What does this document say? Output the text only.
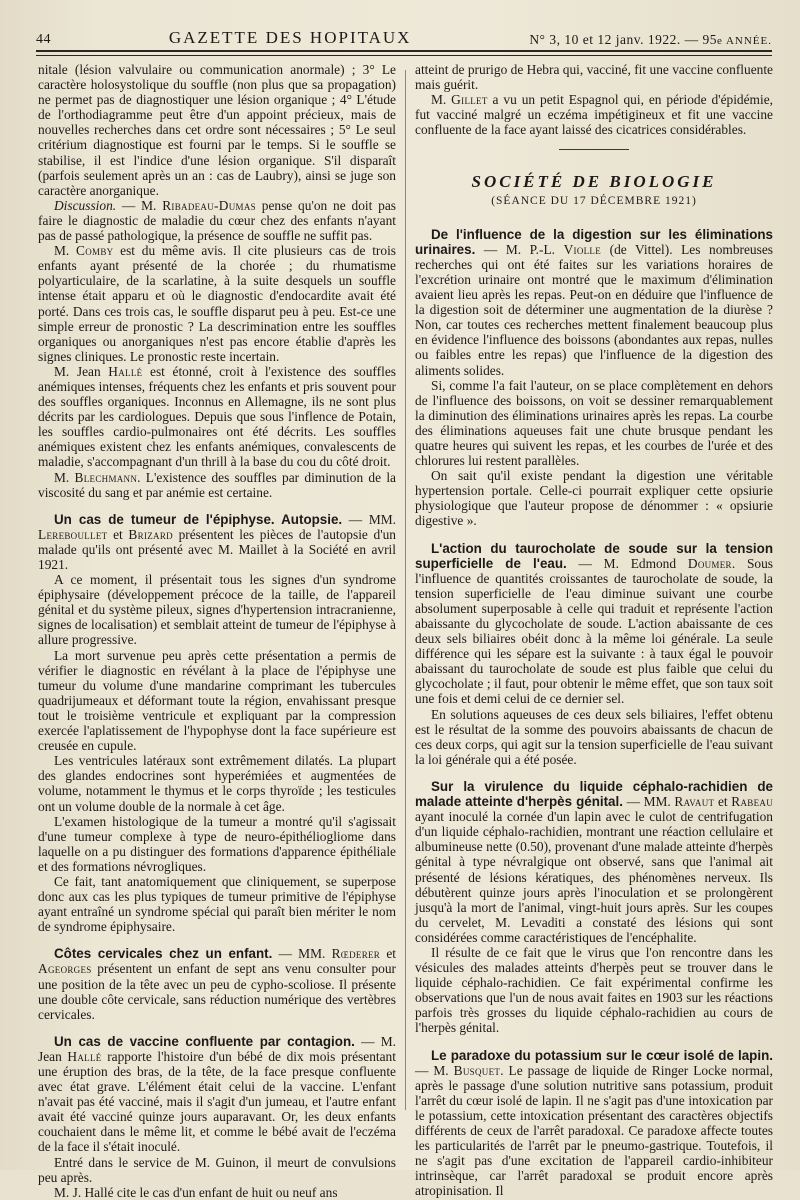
44	GAZETTE DES HOPITAUX	N° 3, 10 et 12 janv. 1922. — 95e ANNÉE.

nitale (lésion valvulaire ou communication anormale) ; 3° Le caractère holosystolique du souffle (non plus que sa propagation) ne permet pas de diagnostiquer une lésion organique ; 4° L'étude de l'orthodiagramme peut être d'un appoint précieux, mais de nouvelles recherches dans cet ordre sont nécessaires ; 5° Le seul critérium diagnostique est fourni par le temps. Si le souffle se stabilise, il est l'indice d'une lésion organique. S'il disparaît (parfois seulement après un an : cas de Laubry), ainsi se juge son caractère anorganique.

Discussion. — M. Ribadeau-Dumas pense qu'on ne doit pas faire le diagnostic de maladie du cœur chez des enfants n'ayant pas de passé pathologique, la présence de souffle ne suffit pas.

M. Comby est du même avis. Il cite plusieurs cas de trois enfants ayant présenté de la chorée ; du rhumatisme polyarticulaire, de la scarlatine, à la suite desquels un souffle intense était apparu et où le diagnostic d'endocardite avait été porté. Dans ces trois cas, le souffle disparut peu à peu. Est-ce une simple erreur de pronostic ? La descrimination entre les souffles organiques ou anorganiques n'est pas encore établie d'après les signes cliniques. Le pronostic reste incertain.

M. Jean Hallé est étonné, croit à l'existence des souffles anémiques intenses, fréquents chez les enfants et pris souvent pour des souffles organiques. Inconnus en Allemagne, ils ne sont plus décrits par les cardiologues. Depuis que sous l'inflence de Potain, les souffles cardio-pulmonaires ont été décrits. Les souffles anémiques existent chez les enfants anémiques, convalescents de maladie, s'accompagnant d'un thrill à la base du cou du côté droit.

M. Blechmann. L'existence des souffles par diminution de la viscosité du sang et par anémie est certaine.

Un cas de tumeur de l'épiphyse. Autopsie. — MM. Lereboullet et Brizard présentent les pièces de l'autopsie d'un malade qu'ils ont présenté avec M. Maillet à la Société en avril 1921.

A ce moment, il présentait tous les signes d'un syndrome épiphysaire (développement précoce de la taille, de l'appareil génital et du système pileux, signes d'hypertension intracranienne, signes de localisation) et semblait atteint de tumeur de l'épiphyse à allure progressive.

La mort survenue peu après cette présentation a permis de vérifier le diagnostic en révélant à la place de l'épiphyse une tumeur du volume d'une mandarine comprimant les tubercules quadrijumeaux et déformant toute la région, envahissant presque tout le troisième ventricule et expliquant par la compression exercée l'aplatissement de l'hypophyse dont la face supérieure est creusée en cupule.

Les ventricules latéraux sont extrêmement dilatés. La plupart des glandes endocrines sont hyperémiées et augmentées de volume, notamment le thymus et le corps thyroïde ; les testicules ont un volume double de la normale à cet âge.

L'examen histologique de la tumeur a montré qu'il s'agissait d'une tumeur complexe à type de neuro-épithéliogliome dans laquelle on a pu distinguer des formations d'apparence épithéliale et des formations névrogliques.

Ce fait, tant anatomiquement que cliniquement, se superpose donc aux cas les plus typiques de tumeur primitive de l'épiphyse ayant entraîné un syndrome spécial qui paraît bien mériter le nom de syndrome épiphysaire.

Côtes cervicales chez un enfant. — MM. Rœderer et Ageorges présentent un enfant de sept ans venu consulter pour une position de la tête avec un peu de cypho-scoliose. Il présente une double côte cervicale, sans réduction numérique des vertèbres cervicales.

Un cas de vaccine confluente par contagion. — M. Jean Hallé rapporte l'histoire d'un bébé de dix mois présentant une éruption des bras, de la tête, de la face presque confluente avec état grave. L'élément était celui de la vaccine. L'enfant n'avait pas été vacciné, mais il s'agit d'un jumeau, et l'autre enfant avait été vacciné quinze jours auparavant. Or, les deux enfants couchaient dans le même lit, et comme le bébé avait de l'eczéma de la face il s'était inoculé.

Entré dans le service de M. Guinon, il meurt de convulsions peu après.

M. J. Hallé cite le cas d'un enfant de huit ou neuf ans

atteint de prurigo de Hebra qui, vacciné, fit une vaccine confluente mais guérit.

M. Gillet a vu un petit Espagnol qui, en période d'épidémie, fut vacciné malgré un eczéma impétigineux et fit une vaccine confluente de la face ayant laissé des cicatrices considérables.

SOCIÉTÉ DE BIOLOGIE
(SÉANCE DU 17 DÉCEMBRE 1921)

De l'influence de la digestion sur les éliminations urinaires. — M. P.-L. Violle (de Vittel). Les nombreuses recherches qui ont été faites sur les variations horaires de l'excrétion urinaire ont montré que le maximum d'élimination avaient lieu après les repas. Peut-on en déduire que l'influence de la digestion soit de déterminer une augmentation de la diurèse ? Non, car toutes ces recherches mettent finalement beaucoup plus en évidence l'influence des boissons (abondantes aux repas, nulles ou faibles entre les repas) que l'influence de la digestion des aliments solides.

Si, comme l'a fait l'auteur, on se place complètement en dehors de l'influence des boissons, on voit se dessiner remarquablement la diminution des éliminations urinaires après les repas. La courbe des éliminations aqueuses fait une chute brusque pendant les quatre heures qui suivent les repas, et les courbes de l'urée et des chlorures lui restent parallèles.

On sait qu'il existe pendant la digestion une véritable hypertension portale. Celle-ci pourrait expliquer cette opsiurie physiologique que l'auteur propose de dénommer : « opsiurie digestive ».

L'action du taurocholate de soude sur la tension superficielle de l'eau. — M. Edmond Doumer. Sous l'influence de quantités croissantes de taurocholate de soude, la tension superficielle de l'eau diminue suivant une courbe absolument superposable à celle qui traduit et représente l'action abaissante du glycocholate de soude. L'action abaissante de ces deux sels biliaires obéit donc à la même loi générale. La seule différence qui les sépare est la suivante : à taux égal le pouvoir abaissant du taurocholate de soude est plus faible que celui du glycocholate ; il faut, pour obtenir le même effet, que son taux soit une fois et demi celui de ce dernier sel.

En solutions aqueuses de ces deux sels biliaires, l'effet obtenu est le résultat de la somme des pouvoirs abaissants de chacun de ces deux corps, qui agit sur la tension superficielle de l'eau suivant la loi générale qui a été posée.

Sur la virulence du liquide céphalo-rachidien de malade atteinte d'herpès génital. — MM. Ravaut et Rabeau ayant inoculé la cornée d'un lapin avec le culot de centrifugation d'un liquide céphalo-rachidien, montrant une réaction cellulaire et albumineuse nette (0.50), provenant d'une malade atteinte d'herpès génital à type névralgique ont observé, sans que l'animal ait présenté de lésions kératiques, des phénomènes nerveux. Ils débutèrent quinze jours après l'inoculation et se prolongèrent jusqu'à la mort de l'animal, vingt-huit jours après. Sur les coupes du cervelet, M. Levaditi a constaté des lésions qui sont considérées comme caractéristiques de l'encéphalite.

Il résulte de ce fait que le virus que l'on rencontre dans les vésicules des malades atteints d'herpès peut se trouver dans le liquide céphalo-rachidien. Ce fait expérimental confirme les observations que l'un de nous avait faites en 1903 sur les réactions parfois très grosses du liquide céphalo-rachidien au cours de l'herpès génital.

Le paradoxe du potassium sur le cœur isolé de lapin. — M. Busquet. Le passage de liquide de Ringer Locke normal, après le passage d'une solution nutritive sans potassium, produit l'arrêt du cœur isolé de lapin. Il ne s'agit pas d'une intoxication par le potassium, cette intoxication présentant des caractères objectifs différents de ceux de l'arrêt paradoxal. Ce paradoxe affecte toutes les particularités de l'arrêt par le pneumo-gastrique. Toutefois, il ne s'agit pas d'une excitation de l'appareil cardio-inhibiteur intrinsèque, car l'arrêt paradoxal se produit encore après atropinisation. Il
